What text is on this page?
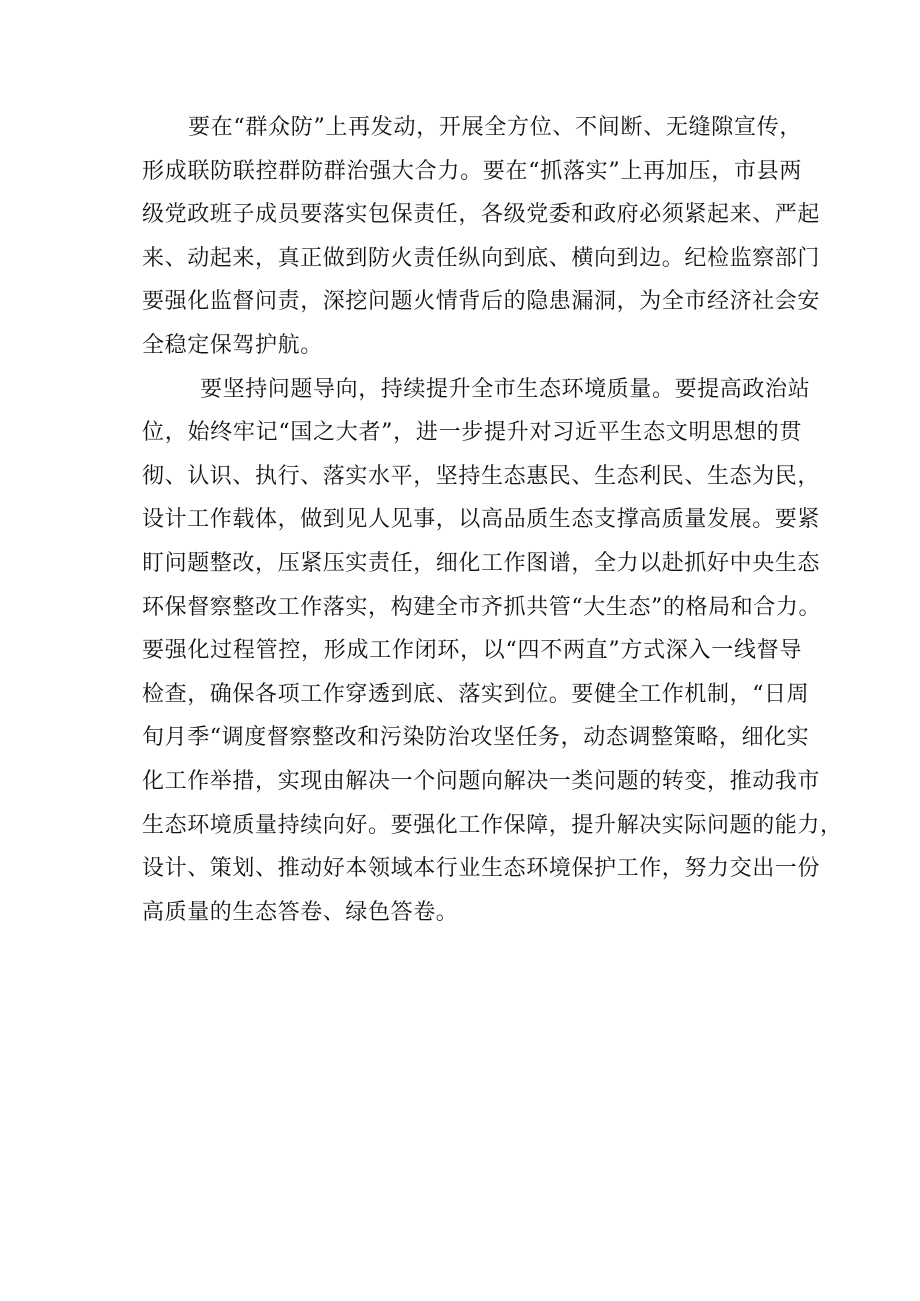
要在“群众防”上再发动，开展全方位、不间断、无缝隙宣传，
形成联防联控群防群治强大合力。要在“抓落实”上再加压，市县两
级党政班子成员要落实包保责任，各级党委和政府必须紧起来、严起
来、动起来，真正做到防火责任纵向到底、横向到边。纪检监察部门
要强化监督问责，深挖问题火情背后的隐患漏洞，为全市经济社会安
全稳定保驾护航。
要坚持问题导向，持续提升全市生态环境质量。要提高政治站
位，始终牢记“国之大者”，进一步提升对习近平生态文明思想的贯
彻、认识、执行、落实水平，坚持生态惠民、生态利民、生态为民，
设计工作载体，做到见人见事，以高品质生态支撑高质量发展。要紧
盯问题整改，压紧压实责任，细化工作图谱，全力以赴抓好中央生态
环保督察整改工作落实，构建全市齐抓共管“大生态”的格局和合力。
要强化过程管控，形成工作闭环，以“四不两直”方式深入一线督导
检查，确保各项工作穿透到底、落实到位。要健全工作机制，“日周
旬月季“调度督察整改和污染防治攻坚任务，动态调整策略，细化实
化工作举措，实现由解决一个问题向解决一类问题的转变，推动我市
生态环境质量持续向好。要强化工作保障，提升解决实际问题的能力，
设计、策划、推动好本领域本行业生态环境保护工作，努力交出一份
高质量的生态答卷、绿色答卷。
